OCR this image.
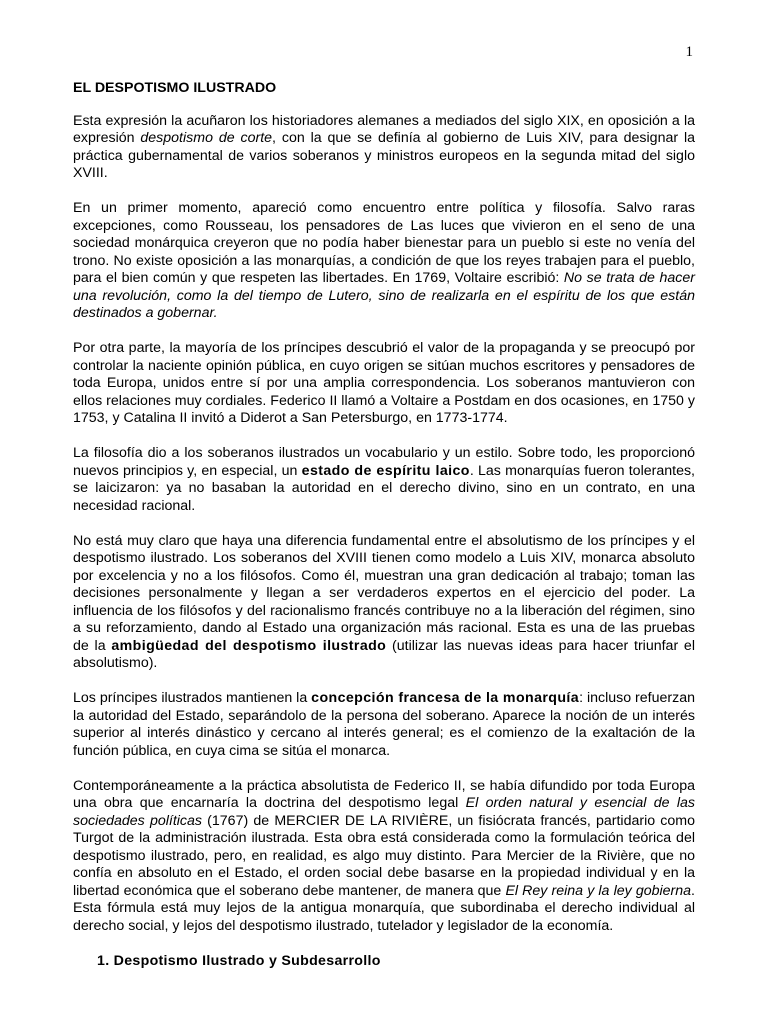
1
EL DESPOTISMO ILUSTRADO

Esta expresión la acuñaron los historiadores alemanes a mediados del siglo XIX, en oposición a la expresión despotismo de corte, con la que se definía al gobierno de Luis XIV, para designar la práctica gubernamental de varios soberanos y ministros europeos en la segunda mitad del siglo XVIII.

En un primer momento, apareció como encuentro entre política y filosofía. Salvo raras excepciones, como Rousseau, los pensadores de Las luces que vivieron en el seno de una sociedad monárquica creyeron que no podía haber bienestar para un pueblo si este no venía del trono. No existe oposición a las monarquías, a condición de que los reyes trabajen para el pueblo, para el bien común y que respeten las libertades. En 1769, Voltaire escribió: No se trata de hacer una revolución, como la del tiempo de Lutero, sino de realizarla en el espíritu de los que están destinados a gobernar.

Por otra parte, la mayoría de los príncipes descubrió el valor de la propaganda y se preocupó por controlar la naciente opinión pública, en cuyo origen se sitúan muchos escritores y pensadores de toda Europa, unidos entre sí por una amplia correspondencia. Los soberanos mantuvieron con ellos relaciones muy cordiales. Federico II llamó a Voltaire a Postdam en dos ocasiones, en 1750 y 1753, y Catalina II invitó a Diderot a San Petersburgo, en 1773-1774.

La filosofía dio a los soberanos ilustrados un vocabulario y un estilo. Sobre todo, les proporcionó nuevos principios y, en especial, un estado de espíritu laico. Las monarquías fueron tolerantes, se laicizaron: ya no basaban la autoridad en el derecho divino, sino en un contrato, en una necesidad racional.

No está muy claro que haya una diferencia fundamental entre el absolutismo de los príncipes y el despotismo ilustrado. Los soberanos del XVIII tienen como modelo a Luis XIV, monarca absoluto por excelencia y no a los filósofos. Como él, muestran una gran dedicación al trabajo; toman las decisiones personalmente y llegan a ser verdaderos expertos en el ejercicio del poder. La influencia de los filósofos y del racionalismo francés contribuye no a la liberación del régimen, sino a su reforzamiento, dando al Estado una organización más racional. Esta es una de las pruebas de la ambigüedad del despotismo ilustrado (utilizar las nuevas ideas para hacer triunfar el absolutismo).

Los príncipes ilustrados mantienen la concepción francesa de la monarquía: incluso refuerzan la autoridad del Estado, separándolo de la persona del soberano. Aparece la noción de un interés superior al interés dinástico y cercano al interés general; es el comienzo de la exaltación de la función pública, en cuya cima se sitúa el monarca.

Contemporáneamente a la práctica absolutista de Federico II, se había difundido por toda Europa una obra que encarnaría la doctrina del despotismo legal El orden natural y esencial de las sociedades políticas (1767) de MERCIER DE LA RIVIÈRE, un fisiócrata francés, partidario como Turgot de la administración ilustrada. Esta obra está considerada como la formulación teórica del despotismo ilustrado, pero, en realidad, es algo muy distinto. Para Mercier de la Rivière, que no confía en absoluto en el Estado, el orden social debe basarse en la propiedad individual y en la libertad económica que el soberano debe mantener, de manera que El Rey reina y la ley gobierna. Esta fórmula está muy lejos de la antigua monarquía, que subordinaba el derecho individual al derecho social, y lejos del despotismo ilustrado, tutelador y legislador de la economía.

1. Despotismo Ilustrado y Subdesarrollo
